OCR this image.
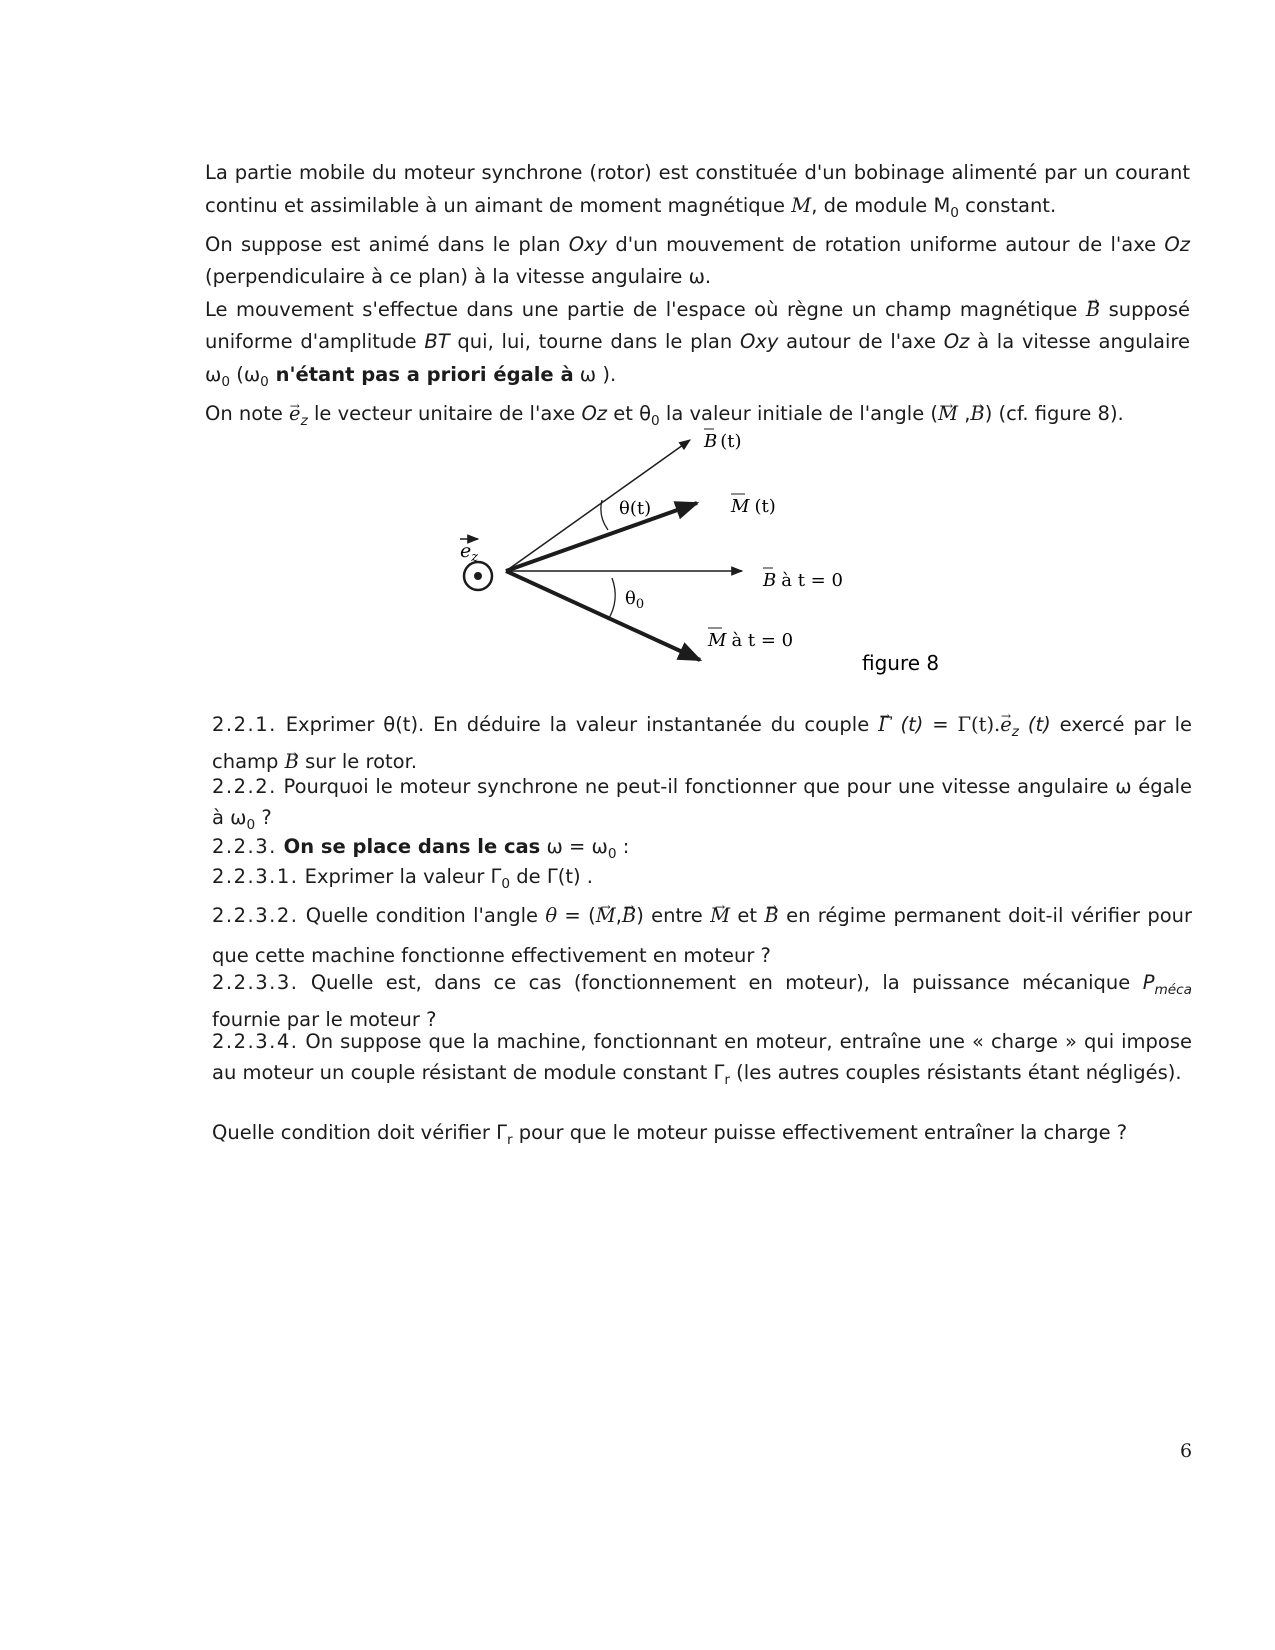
La partie mobile du moteur synchrone (rotor) est constituée d'un bobinage alimenté par un courant continu et assimilable à un aimant de moment magnétique M, de module $M_0$ constant.
On suppose est animé dans le plan Oxy d'un mouvement de rotation uniforme autour de l'axe Oz (perpendiculaire à ce plan) à la vitesse angulaire ω.
Le mouvement s'effectue dans une partie de l'espace où règne un champ magnétique → B supposé uniforme d'amplitude BT qui, lui, tourne dans le plan Oxy autour de l'axe Oz à la vitesse angulaire $\omega_0$ ($\omega_0$ n'étant pas a priori égale à ω ).
On note → $e_z$ le vecteur unitaire de l'axe Oz et $\theta_0$ la valeur initiale de l'angle (→ M ,→ B) (cf. figure 8).

$e_z$
B (t)
M (t)
θ(t)
B à t = 0
$\theta_0$
M à t = 0
figure 8

2.2.1. Exprimer θ(t). En déduire la valeur instantanée du couple → Γ $(t) = \Gamma(t).\to e_z$ (t) exercé par le champ → B sur le rotor.

2.2.2. Pourquoi le moteur synchrone ne peut-il fonctionner que pour une vitesse angulaire ω égale à $\omega_0$ ?

2.2.3. On se place dans le cas $\omega = \omega_0$ :

2.2.3.1. Exprimer la valeur $\Gamma_0$ de Γ(t) .

2.2.3.2. Quelle condition l'angle θ = (→ M,→ B) entre → M et → B en régime permanent doit-il vérifier pour que cette machine fonctionne effectivement en moteur ?

2.2.3.3. Quelle est, dans ce cas (fonctionnement en moteur), la puissance mécanique $P_{méca}$ fournie par le moteur ?

2.2.3.4. On suppose que la machine, fonctionnant en moteur, entraîne une « charge » qui impose au moteur un couple résistant de module constant $\Gamma_r$ (les autres couples résistants étant négligés).

Quelle condition doit vérifier $\Gamma_r$ pour que le moteur puisse effectivement entraîner la charge ?

6
